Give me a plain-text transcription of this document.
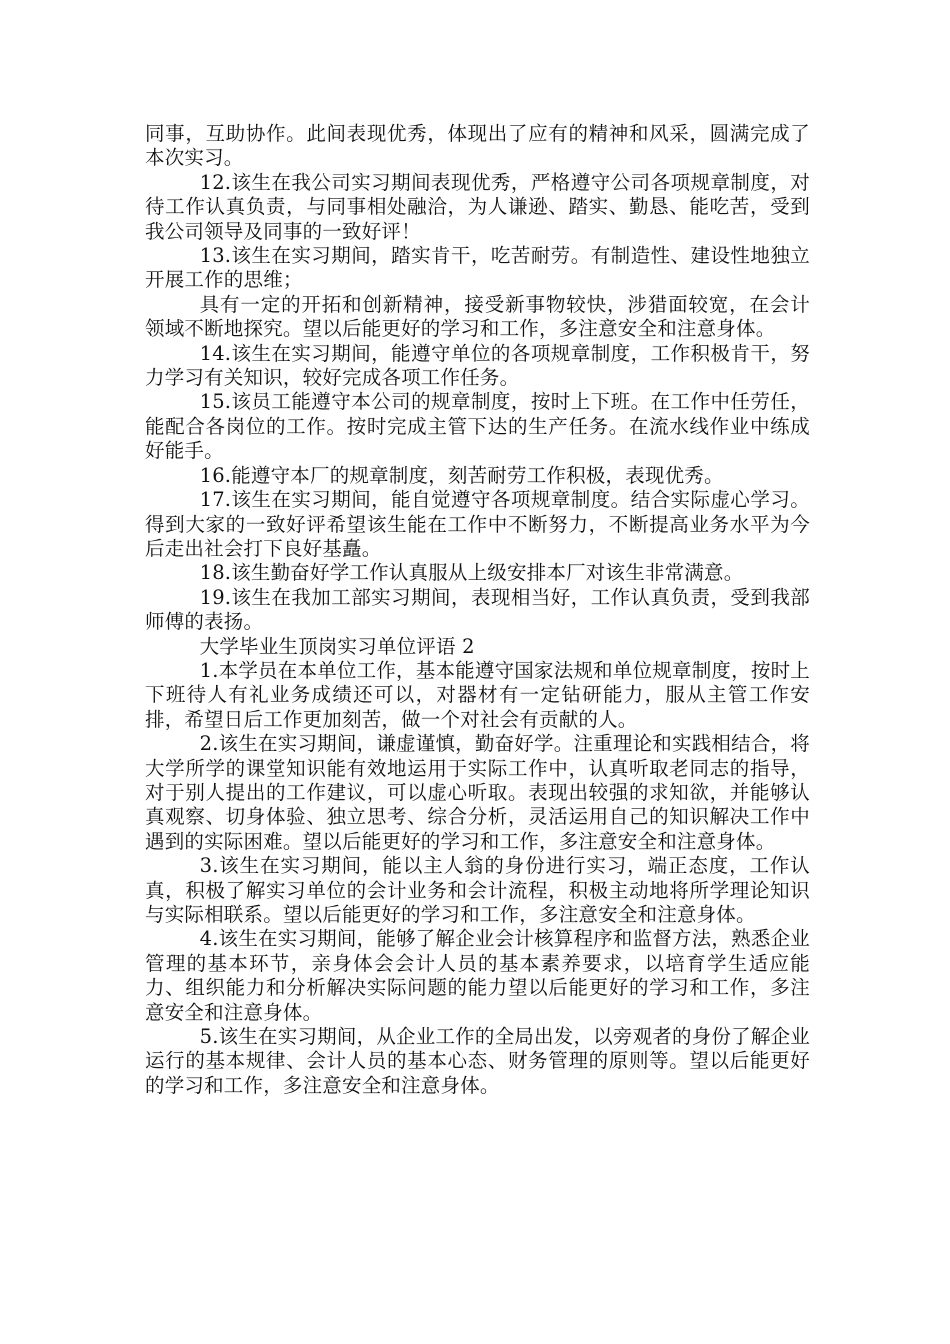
同事，互助协作。此间表现优秀，体现出了应有的精神和风采，圆满完成了本次实习。

12.该生在我公司实习期间表现优秀，严格遵守公司各项规章制度，对待工作认真负责，与同事相处融洽，为人谦逊、踏实、勤恳、能吃苦，受到我公司领导及同事的一致好评！

13.该生在实习期间，踏实肯干，吃苦耐劳。有制造性、建设性地独立开展工作的思维；

具有一定的开拓和创新精神，接受新事物较快，涉猎面较宽，在会计领域不断地探究。望以后能更好的学习和工作，多注意安全和注意身体。

14.该生在实习期间，能遵守单位的各项规章制度，工作积极肯干，努力学习有关知识，较好完成各项工作任务。

15.该员工能遵守本公司的规章制度，按时上下班。在工作中任劳任，能配合各岗位的工作。按时完成主管下达的生产任务。在流水线作业中练成好能手。

16.能遵守本厂的规章制度，刻苦耐劳工作积极，表现优秀。

17.该生在实习期间，能自觉遵守各项规章制度。结合实际虚心学习。得到大家的一致好评希望该生能在工作中不断努力，不断提高业务水平为今后走出社会打下良好基矗。

18.该生勤奋好学工作认真服从上级安排本厂对该生非常满意。

19.该生在我加工部实习期间，表现相当好，工作认真负责，受到我部师傅的表扬。

大学毕业生顶岗实习单位评语 2

1.本学员在本单位工作，基本能遵守国家法规和单位规章制度，按时上下班待人有礼业务成绩还可以，对器材有一定钻研能力，服从主管工作安排，希望日后工作更加刻苦，做一个对社会有贡献的人。

2.该生在实习期间，谦虚谨慎，勤奋好学。注重理论和实践相结合，将大学所学的课堂知识能有效地运用于实际工作中，认真听取老同志的指导，对于别人提出的工作建议，可以虚心听取。表现出较强的求知欲，并能够认真观察、切身体验、独立思考、综合分析，灵活运用自己的知识解决工作中遇到的实际困难。望以后能更好的学习和工作，多注意安全和注意身体。

3.该生在实习期间，能以主人翁的身份进行实习，端正态度，工作认真，积极了解实习单位的会计业务和会计流程，积极主动地将所学理论知识与实际相联系。望以后能更好的学习和工作，多注意安全和注意身体。

4.该生在实习期间，能够了解企业会计核算程序和监督方法，熟悉企业管理的基本环节，亲身体会会计人员的基本素养要求，以培育学生适应能力、组织能力和分析解决实际问题的能力望以后能更好的学习和工作，多注意安全和注意身体。

5.该生在实习期间，从企业工作的全局出发，以旁观者的身份了解企业运行的基本规律、会计人员的基本心态、财务管理的原则等。望以后能更好的学习和工作，多注意安全和注意身体。
